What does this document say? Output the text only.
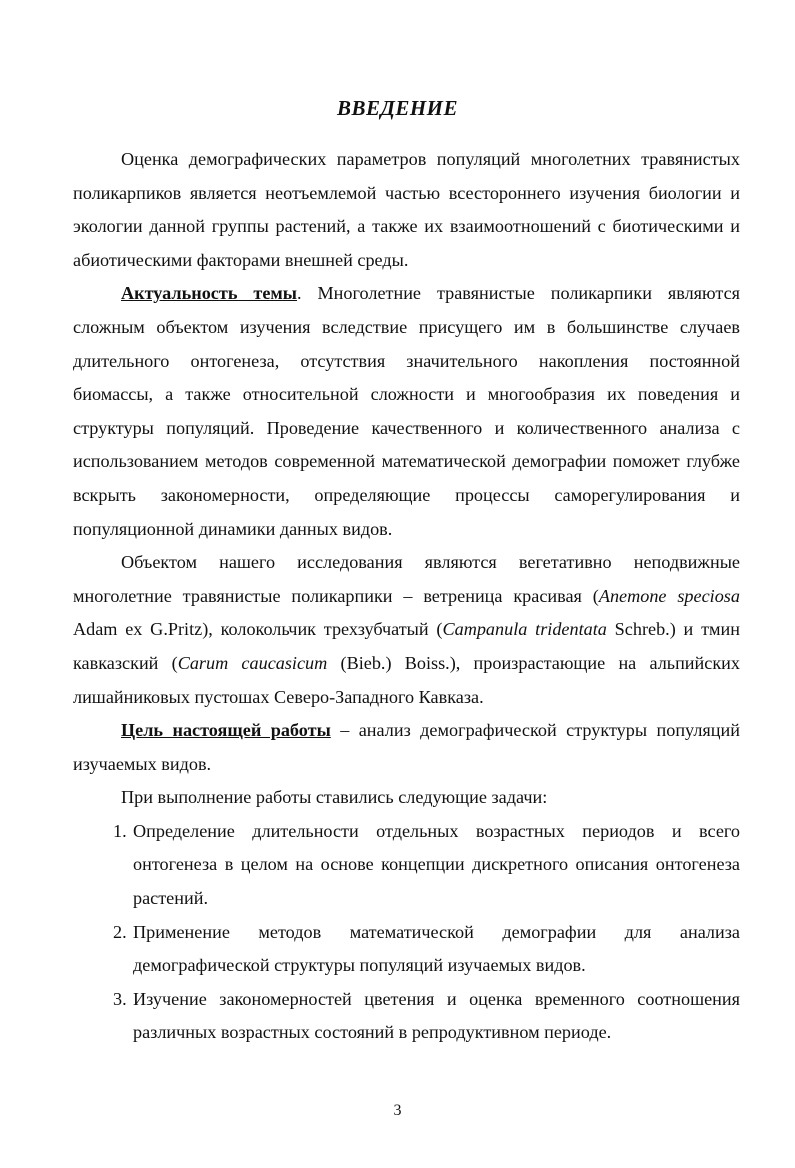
ВВЕДЕНИЕ

Оценка демографических параметров популяций многолетних травянистых поликарпиков является неотъемлемой частью всестороннего изучения биологии и экологии данной группы растений, а также их взаимоотношений с биотическими и абиотическими факторами внешней среды.

Актуальность темы. Многолетние травянистые поликарпики являются сложным объектом изучения вследствие присущего им в большинстве случаев длительного онтогенеза, отсутствия значительного накопления постоянной биомассы, а также относительной сложности и многообразия их поведения и структуры популяций. Проведение качественного и количественного анализа с использованием методов современной математической демографии поможет глубже вскрыть закономерности, определяющие процессы саморегулирования и популяционной динамики данных видов.

Объектом нашего исследования являются вегетативно неподвижные многолетние травянистые поликарпики – ветреница красивая (Anemone speciosa Adam ex G.Pritz), колокольчик трехзубчатый (Campanula tridentata Schreb.) и тмин кавказский (Carum caucasicum (Bieb.) Boiss.), произрастающие на альпийских лишайниковых пустошах Северо-Западного Кавказа.

Цель настоящей работы – анализ демографической структуры популяций изучаемых видов.

При выполнение работы ставились следующие задачи:

1. Определение длительности отдельных возрастных периодов и всего онтогенеза в целом на основе концепции дискретного описания онтогенеза растений.
2. Применение методов математической демографии для анализа демографической структуры популяций изучаемых видов.
3. Изучение закономерностей цветения и оценка временного соотношения различных возрастных состояний в репродуктивном периоде.
3
